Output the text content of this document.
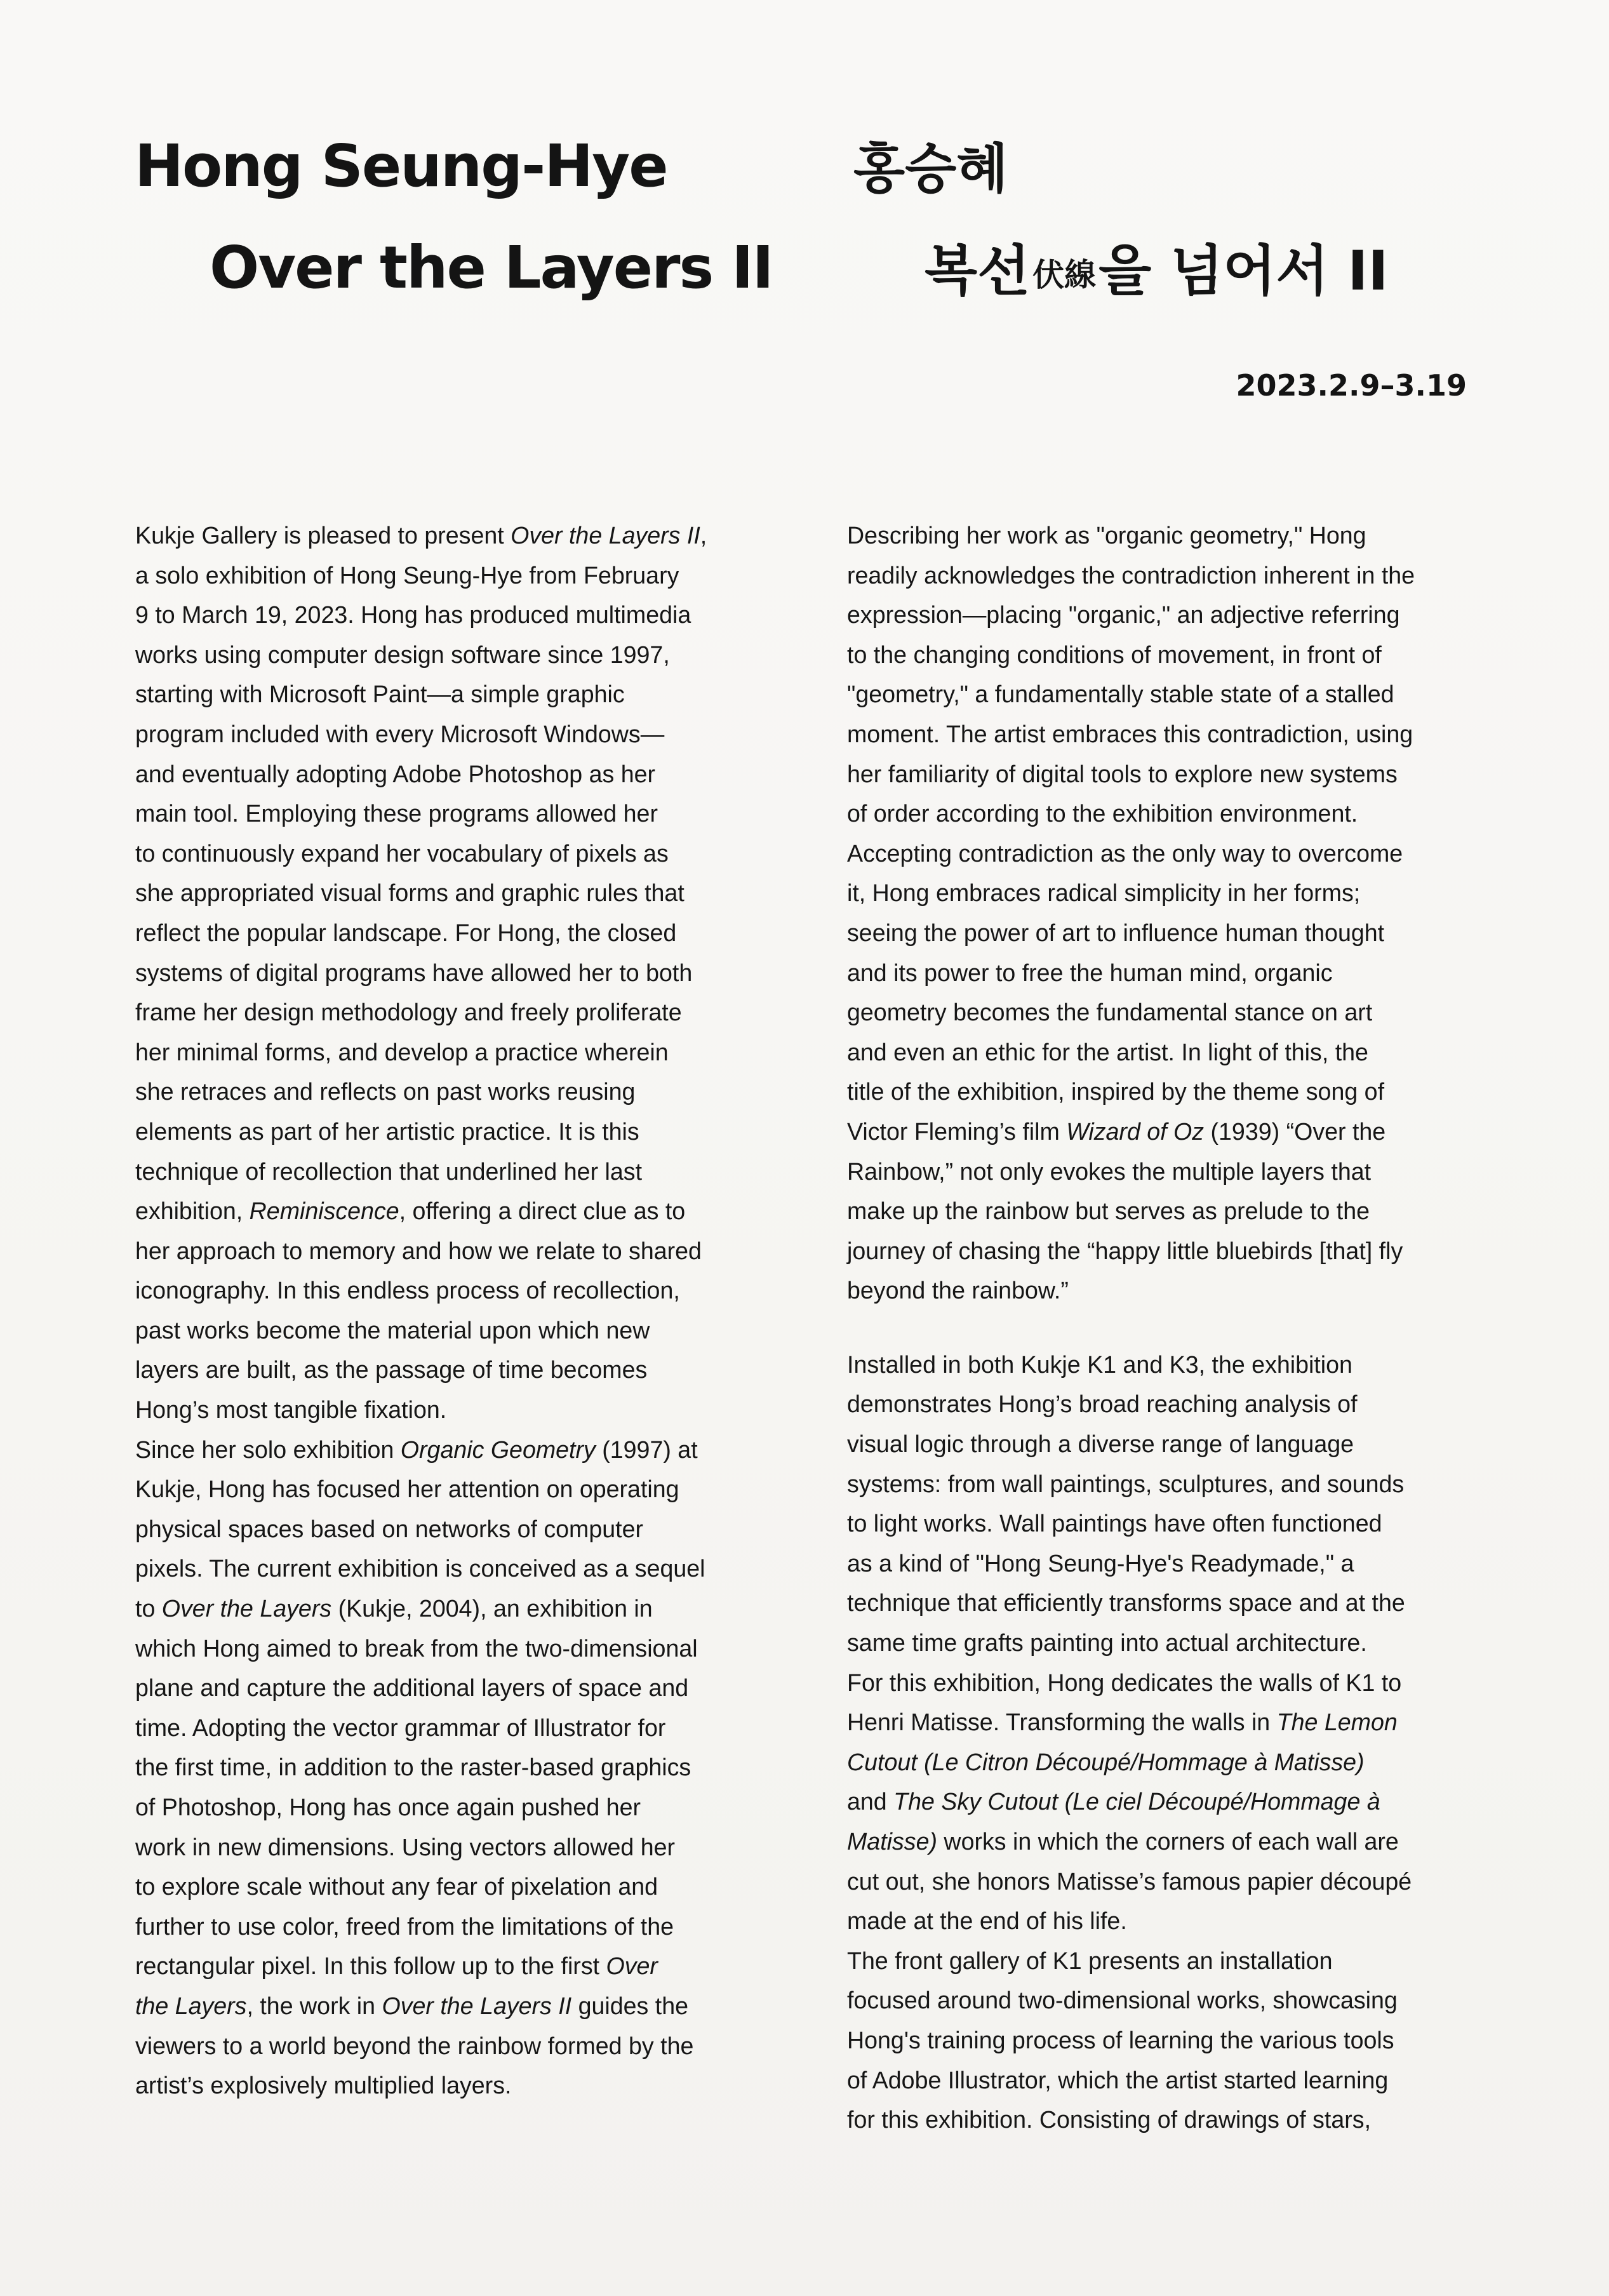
Hong Seung-Hye
Over the Layers II
홍승혜
복선伏線을 넘어서 II
2023.2.9–3.19

Kukje Gallery is pleased to present Over the Layers II,
a solo exhibition of Hong Seung-Hye from February
9 to March 19, 2023. Hong has produced multimedia
works using computer design software since 1997,
starting with Microsoft Paint—a simple graphic
program included with every Microsoft Windows—
and eventually adopting Adobe Photoshop as her
main tool. Employing these programs allowed her
to continuously expand her vocabulary of pixels as
she appropriated visual forms and graphic rules that
reflect the popular landscape. For Hong, the closed
systems of digital programs have allowed her to both
frame her design methodology and freely proliferate
her minimal forms, and develop a practice wherein
she retraces and reflects on past works reusing
elements as part of her artistic practice. It is this
technique of recollection that underlined her last
exhibition, Reminiscence, offering a direct clue as to
her approach to memory and how we relate to shared
iconography. In this endless process of recollection,
past works become the material upon which new
layers are built, as the passage of time becomes
Hong’s most tangible fixation.

Since her solo exhibition Organic Geometry (1997) at
Kukje, Hong has focused her attention on operating
physical spaces based on networks of computer
pixels. The current exhibition is conceived as a sequel
to Over the Layers (Kukje, 2004), an exhibition in
which Hong aimed to break from the two-dimensional
plane and capture the additional layers of space and
time. Adopting the vector grammar of Illustrator for
the first time, in addition to the raster-based graphics
of Photoshop, Hong has once again pushed her
work in new dimensions. Using vectors allowed her
to explore scale without any fear of pixelation and
further to use color, freed from the limitations of the
rectangular pixel. In this follow up to the first Over
the Layers, the work in Over the Layers II guides the
viewers to a world beyond the rainbow formed by the
artist’s explosively multiplied layers.

Describing her work as "organic geometry," Hong
readily acknowledges the contradiction inherent in the
expression—placing "organic," an adjective referring
to the changing conditions of movement, in front of
"geometry," a fundamentally stable state of a stalled
moment. The artist embraces this contradiction, using
her familiarity of digital tools to explore new systems
of order according to the exhibition environment.
Accepting contradiction as the only way to overcome
it, Hong embraces radical simplicity in her forms;
seeing the power of art to influence human thought
and its power to free the human mind, organic
geometry becomes the fundamental stance on art
and even an ethic for the artist. In light of this, the
title of the exhibition, inspired by the theme song of
Victor Fleming’s film Wizard of Oz (1939) “Over the
Rainbow,” not only evokes the multiple layers that
make up the rainbow but serves as prelude to the
journey of chasing the “happy little bluebirds [that] fly
beyond the rainbow.”

Installed in both Kukje K1 and K3, the exhibition
demonstrates Hong’s broad reaching analysis of
visual logic through a diverse range of language
systems: from wall paintings, sculptures, and sounds
to light works. Wall paintings have often functioned
as a kind of "Hong Seung-Hye's Readymade," a
technique that efficiently transforms space and at the
same time grafts painting into actual architecture.
For this exhibition, Hong dedicates the walls of K1 to
Henri Matisse. Transforming the walls in The Lemon
Cutout (Le Citron Découpé/Hommage à Matisse)
and The Sky Cutout (Le ciel Découpé/Hommage à
Matisse) works in which the corners of each wall are
cut out, she honors Matisse’s famous papier découpé
made at the end of his life.

The front gallery of K1 presents an installation
focused around two-dimensional works, showcasing
Hong's training process of learning the various tools
of Adobe Illustrator, which the artist started learning
for this exhibition. Consisting of drawings of stars,
